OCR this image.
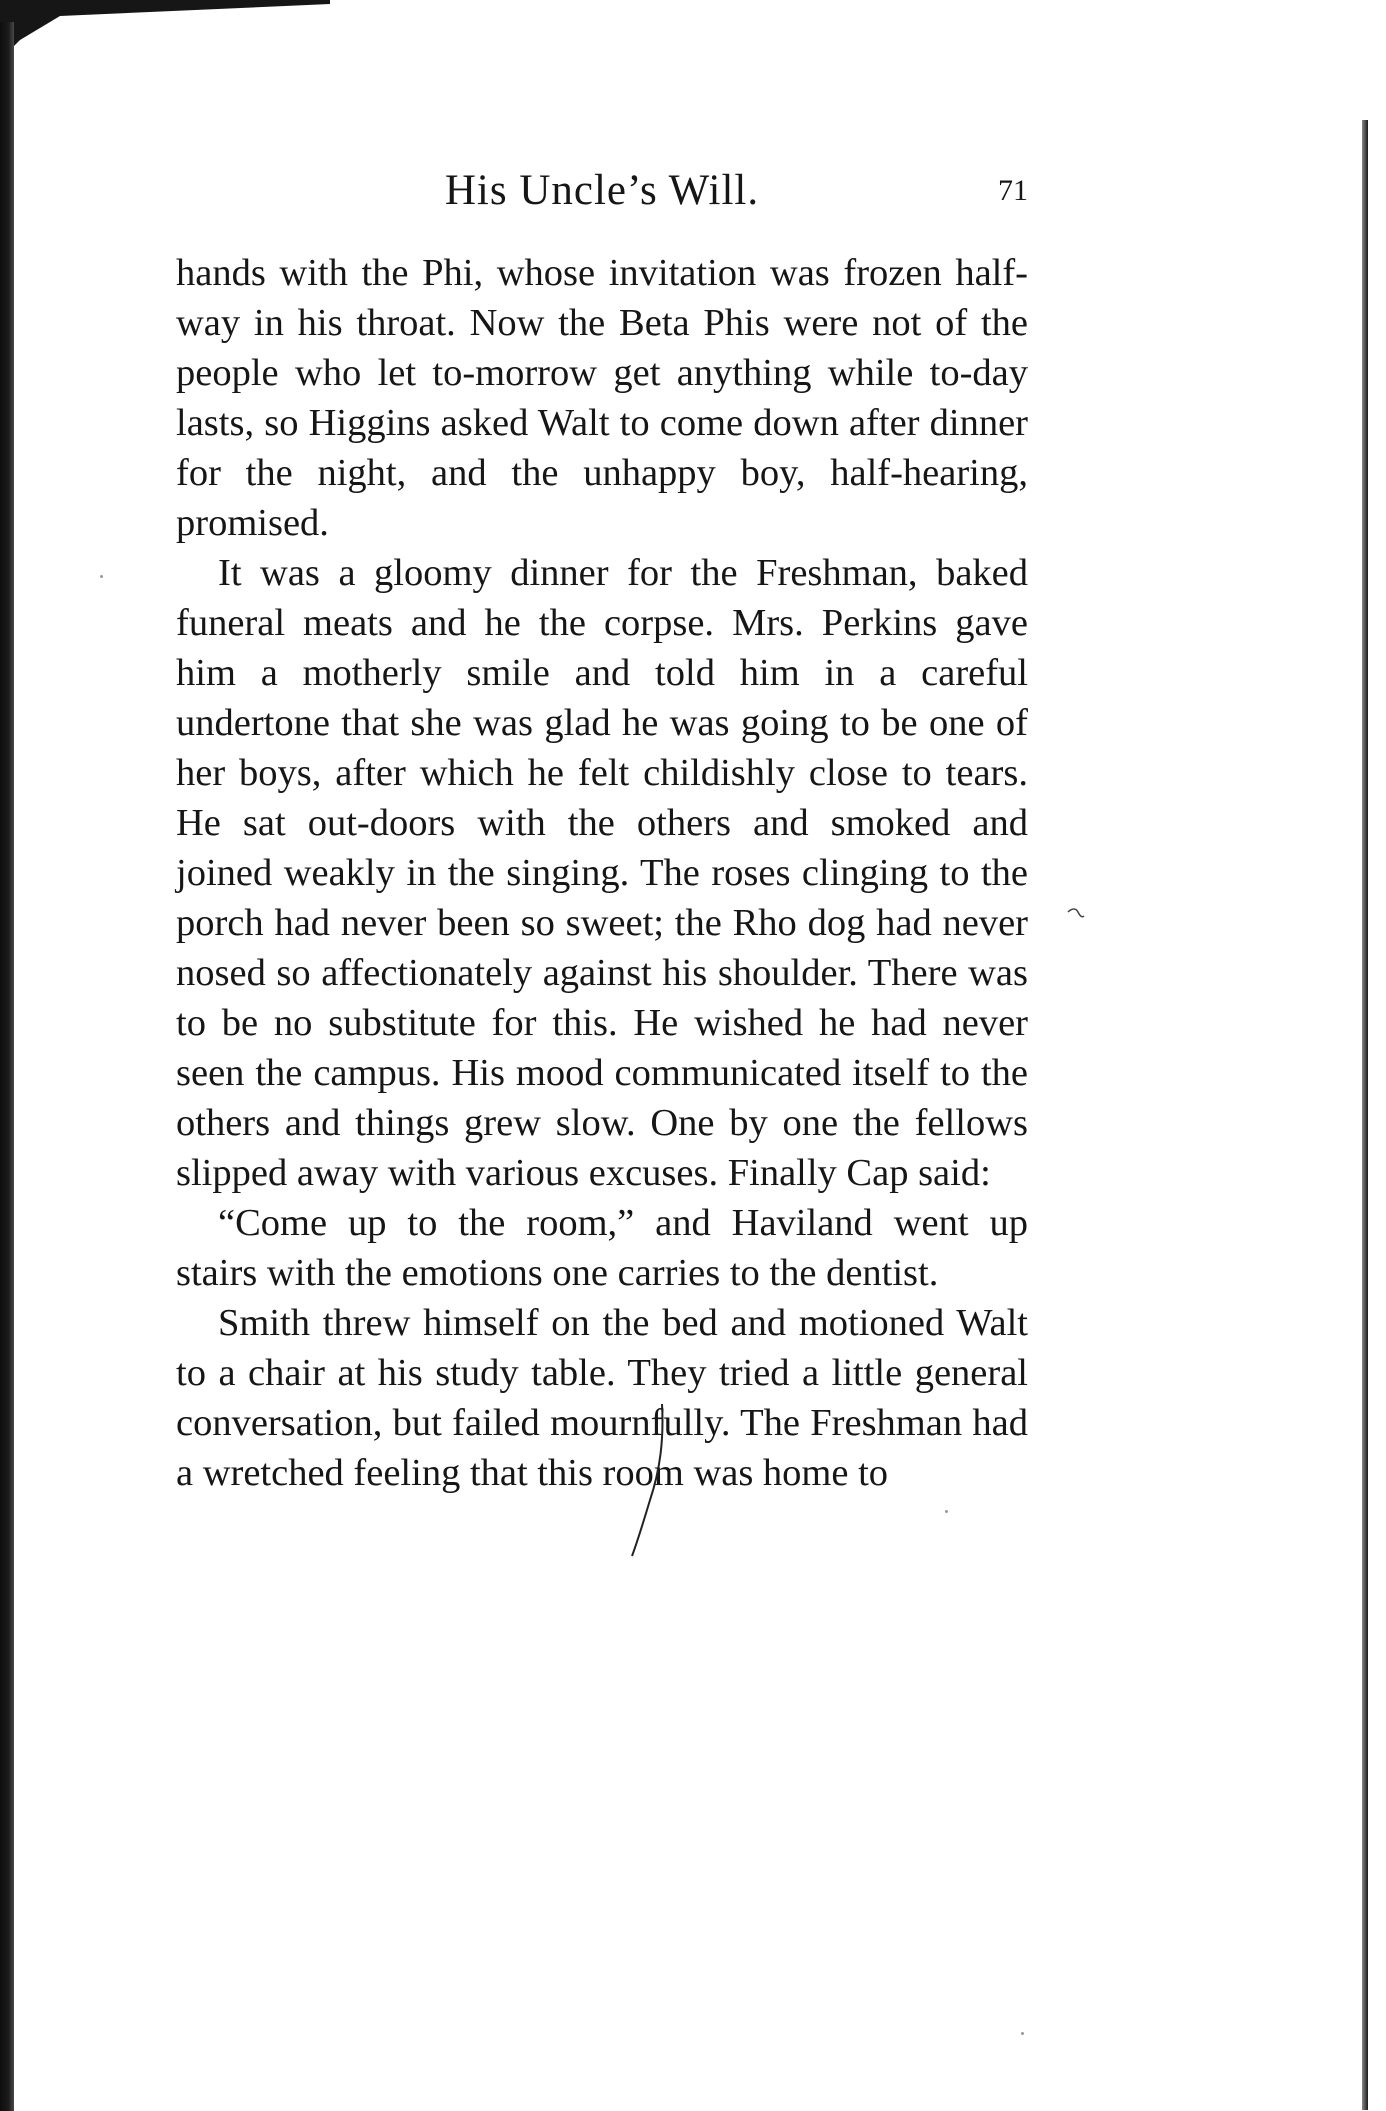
His Uncle’s Will.	71

hands with the Phi, whose invitation was frozen half-way in his throat. Now the Beta Phis were not of the people who let to-morrow get anything while to-day lasts, so Higgins asked Walt to come down after dinner for the night, and the unhappy boy, half-hearing, promised.

It was a gloomy dinner for the Freshman, baked funeral meats and he the corpse. Mrs. Perkins gave him a motherly smile and told him in a careful undertone that she was glad he was going to be one of her boys, after which he felt childishly close to tears. He sat out-doors with the others and smoked and joined weakly in the singing. The roses clinging to the porch had never been so sweet; the Rho dog had never nosed so affectionately against his shoulder. There was to be no substitute for this. He wished he had never seen the campus. His mood communicated itself to the others and things grew slow. One by one the fellows slipped away with various excuses. Finally Cap said:

“Come up to the room,” and Haviland went up stairs with the emotions one carries to the dentist.

Smith threw himself on the bed and motioned Walt to a chair at his study table. They tried a little general conversation, but failed mournfully. The Freshman had a wretched feeling that this room was home to
